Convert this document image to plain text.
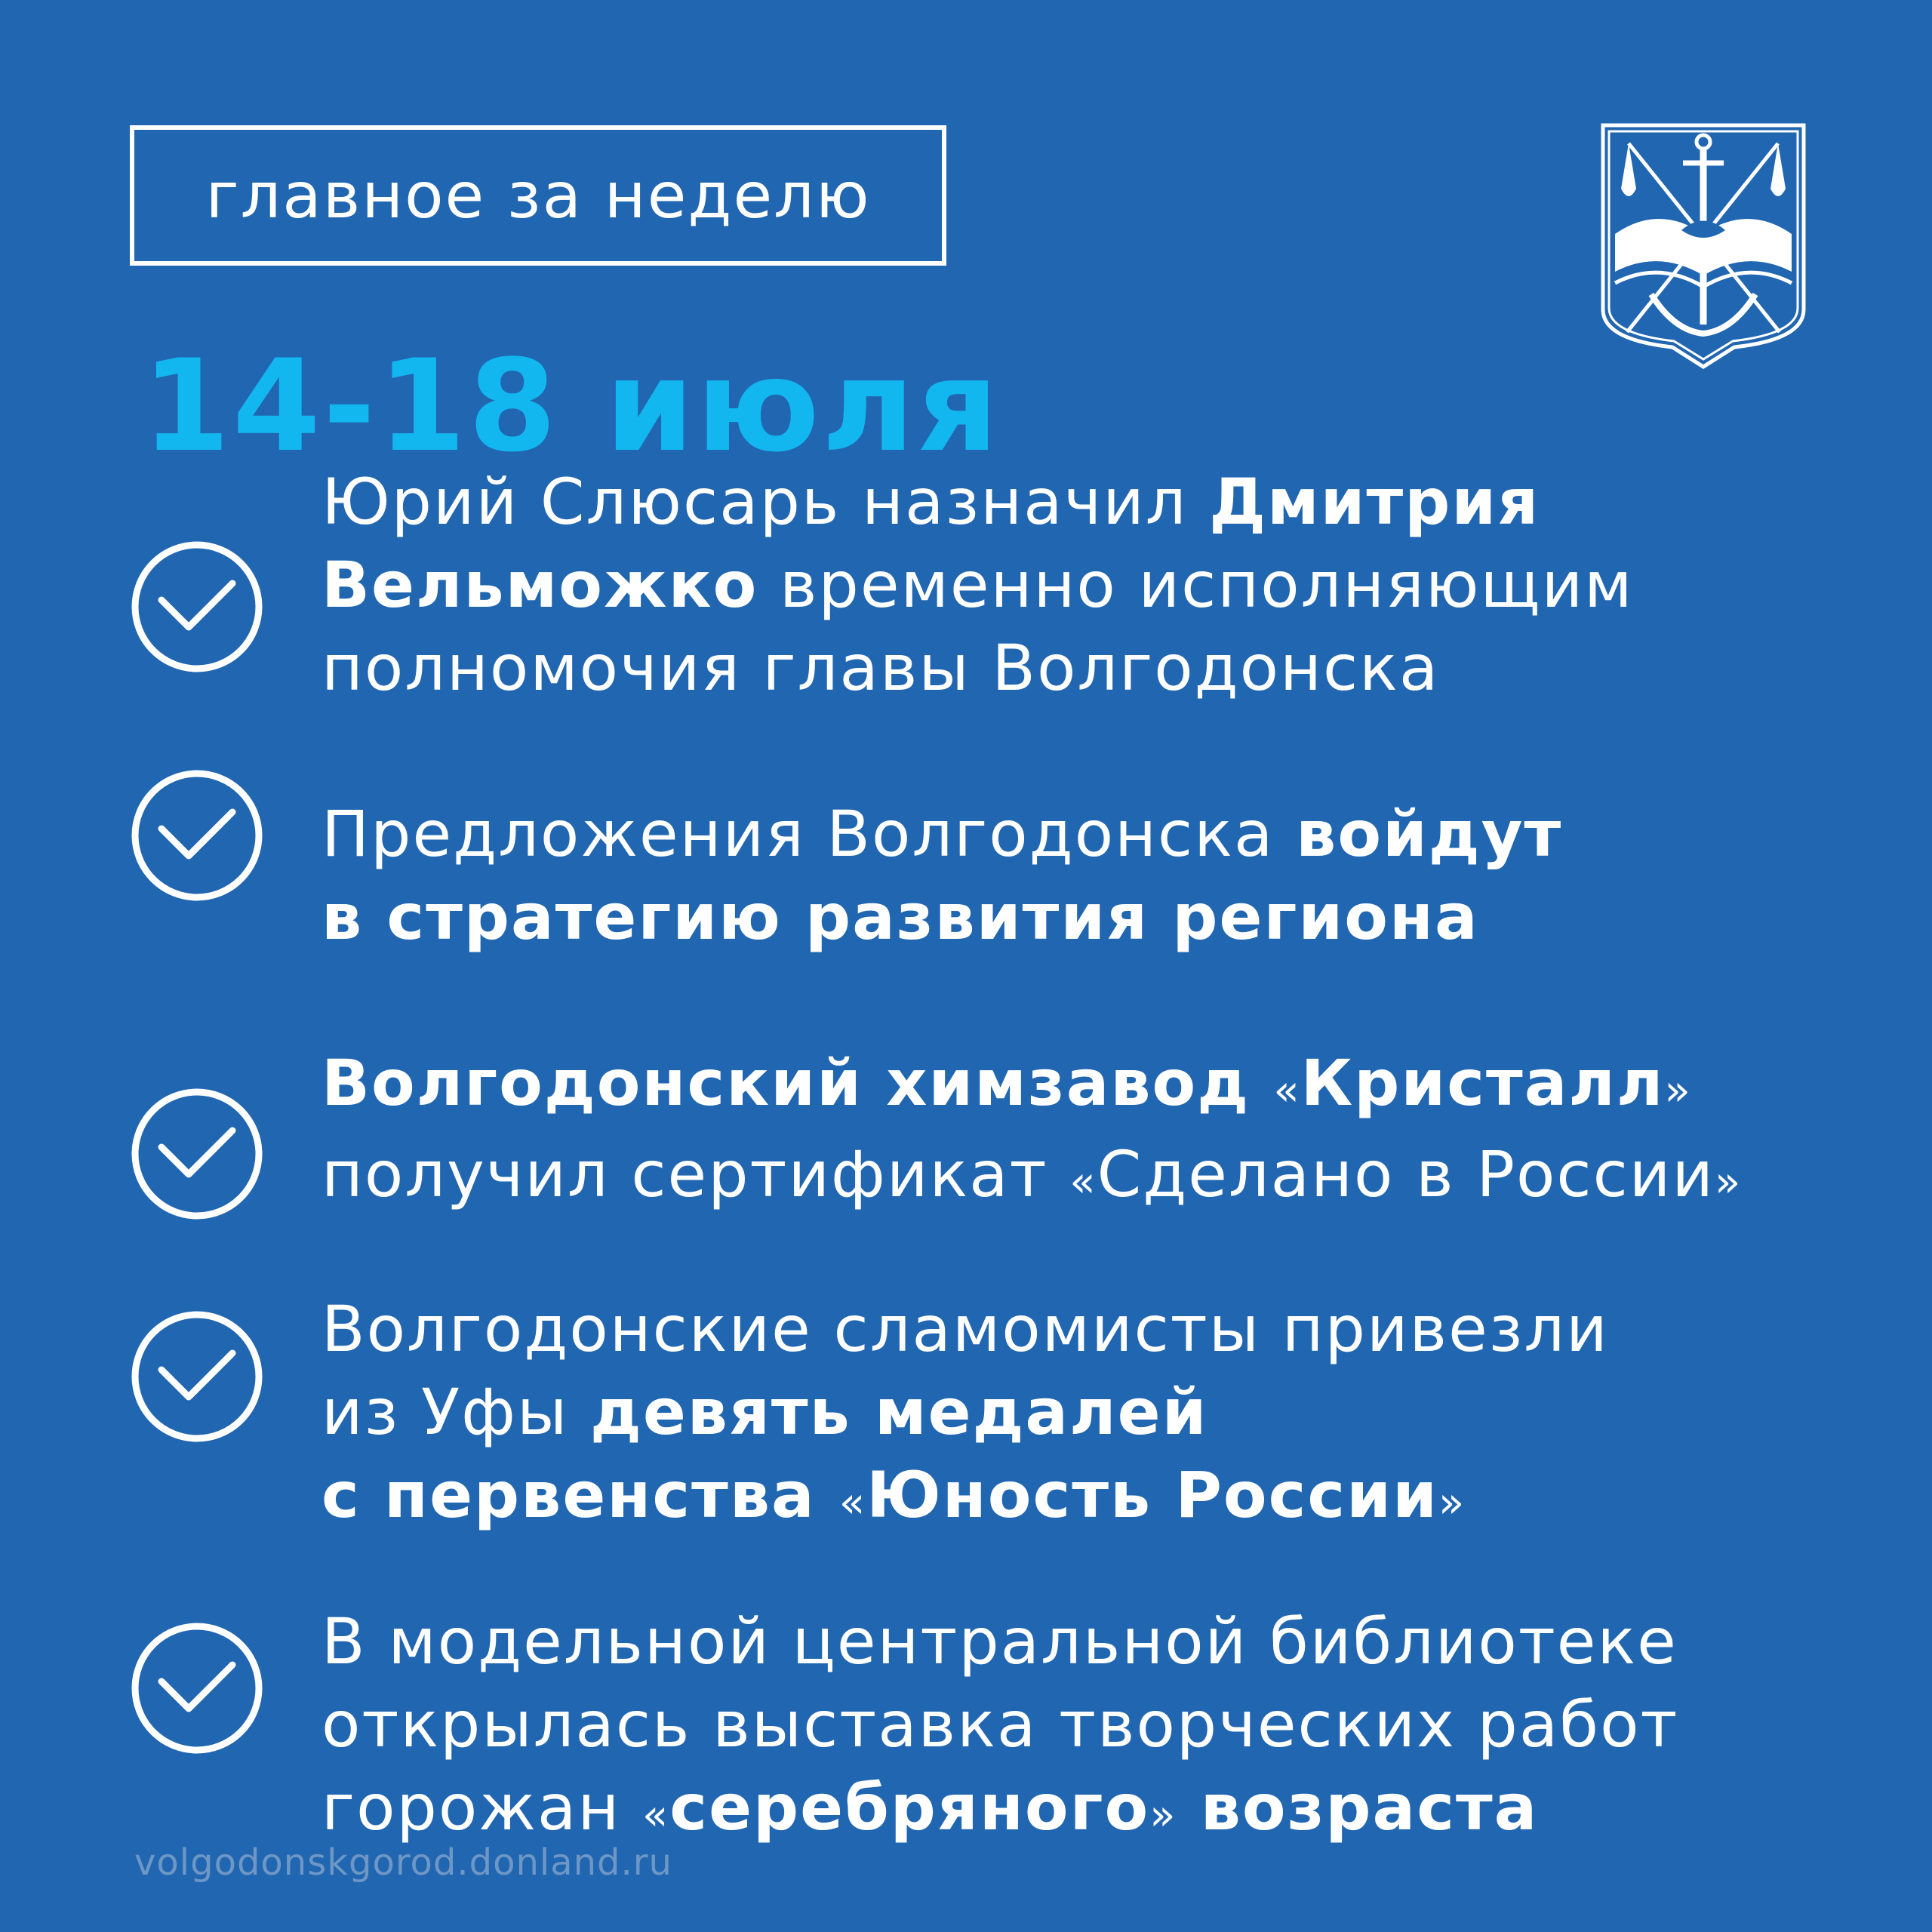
главное за неделю
14-18 июля
Юрий Слюсарь назначил Дмитрия
Вельможко временно исполняющим
полномочия главы Волгодонска
Предложения Волгодонска войдут
в стратегию развития региона
Волгодонский химзавод «Кристалл»
получил сертификат «Сделано в России»
Волгодонские сламомисты привезли
из Уфы девять медалей
с первенства «Юность России»
В модельной центральной библиотеке
открылась выставка творческих работ
горожан «серебряного» возраста
volgodonskgorod.donland.ru
